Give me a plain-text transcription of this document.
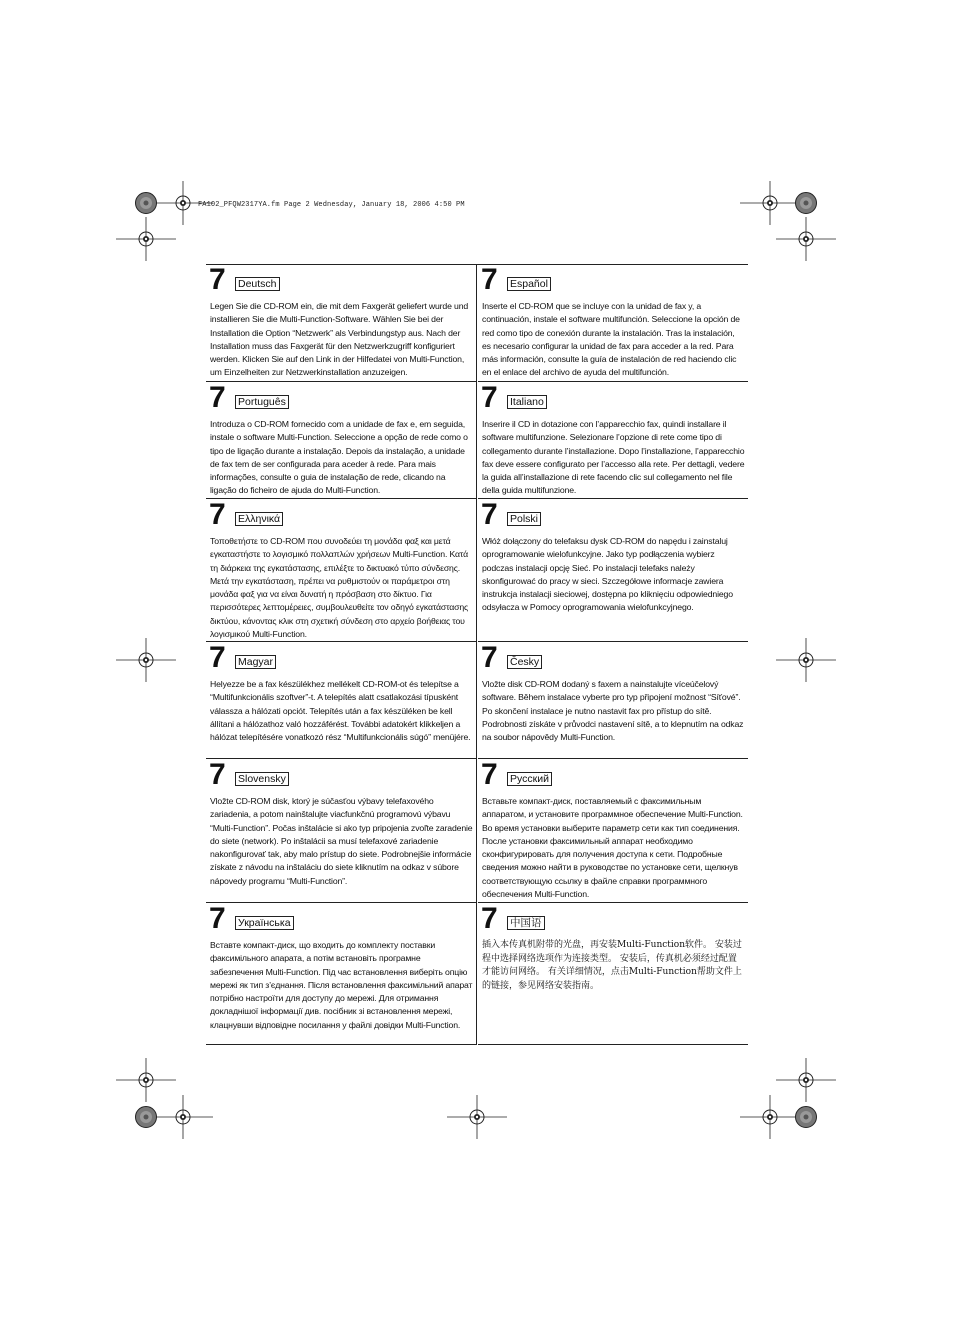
FA102_PFQW2317YA.fm Page 2 Wednesday, January 18, 2006 4:50 PM
7 Deutsch

Legen Sie die CD-ROM ein, die mit dem Faxgerät geliefert wurde und installieren Sie die Multi-Function-Software. Wählen Sie bei der Installation die Option “Netzwerk” als Verbindungstyp aus. Nach der Installation muss das Faxgerät für den Netzwerkzugriff konfiguriert werden. Klicken Sie auf den Link in der Hilfedatei von Multi-Function, um Einzelheiten zur Netzwerkinstallation anzuzeigen.

7 Español

Inserte el CD-ROM que se incluye con la unidad de fax y, a continuación, instale el software multifunción. Seleccione la opción de red como tipo de conexión durante la instalación. Tras la instalación, es necesario configurar la unidad de fax para acceder a la red. Para más información, consulte la guía de instalación de red haciendo clic en el enlace del archivo de ayuda del multifunción.

7 Português

Introduza o CD-ROM fornecido com a unidade de fax e, em seguida, instale o software Multi-Function. Seleccione a opção de rede como o tipo de ligação durante a instalação. Depois da instalação, a unidade de fax tem de ser configurada para aceder à rede. Para mais informações, consulte o guia de instalação de rede, clicando na ligação do ficheiro de ajuda do Multi-Function.

7 Italiano

Inserire il CD in dotazione con l’apparecchio fax, quindi installare il software multifunzione. Selezionare l’opzione di rete come tipo di collegamento durante l’installazione. Dopo l’installazione, l’apparecchio fax deve essere configurato per l’accesso alla rete. Per dettagli, vedere la guida all’installazione di rete facendo clic sul collegamento nel file della guida multifunzione.

7 Ελληνικά

Τοποθετήστε το CD-ROM που συνοδεύει τη μονάδα φαξ και μετά εγκαταστήστε το λογισμικό πολλαπλών χρήσεων Multi-Function. Κατά τη διάρκεια της εγκατάστασης, επιλέξτε το δικτυακό τύπο σύνδεσης. Μετά την εγκατάσταση, πρέπει να ρυθμιστούν οι παράμετροι στη μονάδα φαξ για να είναι δυνατή η πρόσβαση στο δίκτυο. Για περισσότερες λεπτομέρειες, συμβουλευθείτε τον οδηγό εγκατάστασης δικτύου, κάνοντας κλικ στη σχετική σύνδεση στο αρχείο βοήθειας του λογισμικού Multi-Function.

7 Polski

Włóż dołączony do telefaksu dysk CD-ROM do napędu i zainstaluj oprogramowanie wielofunkcyjne. Jako typ podłączenia wybierz podczas instalacji opcję Sieć. Po instalacji telefaks należy skonfigurować do pracy w sieci. Szczegółowe informacje zawiera instrukcja instalacji sieciowej, dostępna po kliknięciu odpowiedniego odsyłacza w Pomocy oprogramowania wielofunkcyjnego.

7 Magyar

Helyezze be a fax készülékhez mellékelt CD-ROM-ot és telepítse a “Multifunkcionális szoftver”-t. A telepítés alatt csatlakozási típusként válassza a hálózati opciót. Telepítés után a fax készüléken be kell állítani a hálózathoz való hozzáférést. További adatokért klikkeljen a hálózat telepítésére vonatkozó rész “Multifunkcionális súgó” menüjére.

7 Česky

Vložte disk CD-ROM dodaný s faxem a nainstalujte víceúčelový software. Během instalace vyberte pro typ připojení možnost “Síťové”. Po skončení instalace je nutno nastavit fax pro přístup do sítě. Podrobnosti získáte v průvodci nastavení sítě, a to klepnutím na odkaz na soubor nápovědy Multi-Function.

7 Slovensky

Vložte CD-ROM disk, ktorý je súčasťou výbavy telefaxového zariadenia, a potom nainštalujte viacfunkčnú programovú výbavu “Multi-Function”. Počas inštalácie si ako typ pripojenia zvoľte zaradenie do siete (network). Po inštalácii sa musí telefaxové zariadenie nakonfigurovať tak, aby malo prístup do siete. Podrobnejšie informácie získate z návodu na inštaláciu do siete kliknutím na odkaz v súbore nápovedy programu “Multi-Function”.

7 Русский

Вставьте компакт-диск, поставляемый с факсимильным аппаратом, и установите программное обеспечение Multi-Function. Во время установки выберите параметр сети как тип соединения. После установки факсимильный аппарат необходимо сконфигурировать для получения доступа к сети. Подробные сведения можно найти в руководстве по установке сети, щелкнув соответствующую ссылку в файле справки программного обеспечения Multi-Function.

7 Українська

Вставте компакт-диск, що входить до комплекту поставки факсимільного апарата, а потім встановіть програмне забезпечення Multi-Function. Під час встановлення виберіть опцію мережі як тип з’єднання. Після встановлення факсимільний апарат потрібно настроїти для доступу до мережі. Для отримання докладнішої інформації див. посібник зі встановлення мережі, клацнувши відповідне посилання у файлі довідки Multi-Function.

7 中国语

插入本传真机附带的光盘，再安装Multi-Function软件。 安装过程中选择网络选项作为连接类型。 安装后，传真机必须经过配置才能访问网络。 有关详细情况，点击Multi-Function帮助文件上的链接，参见网络安装指南。
